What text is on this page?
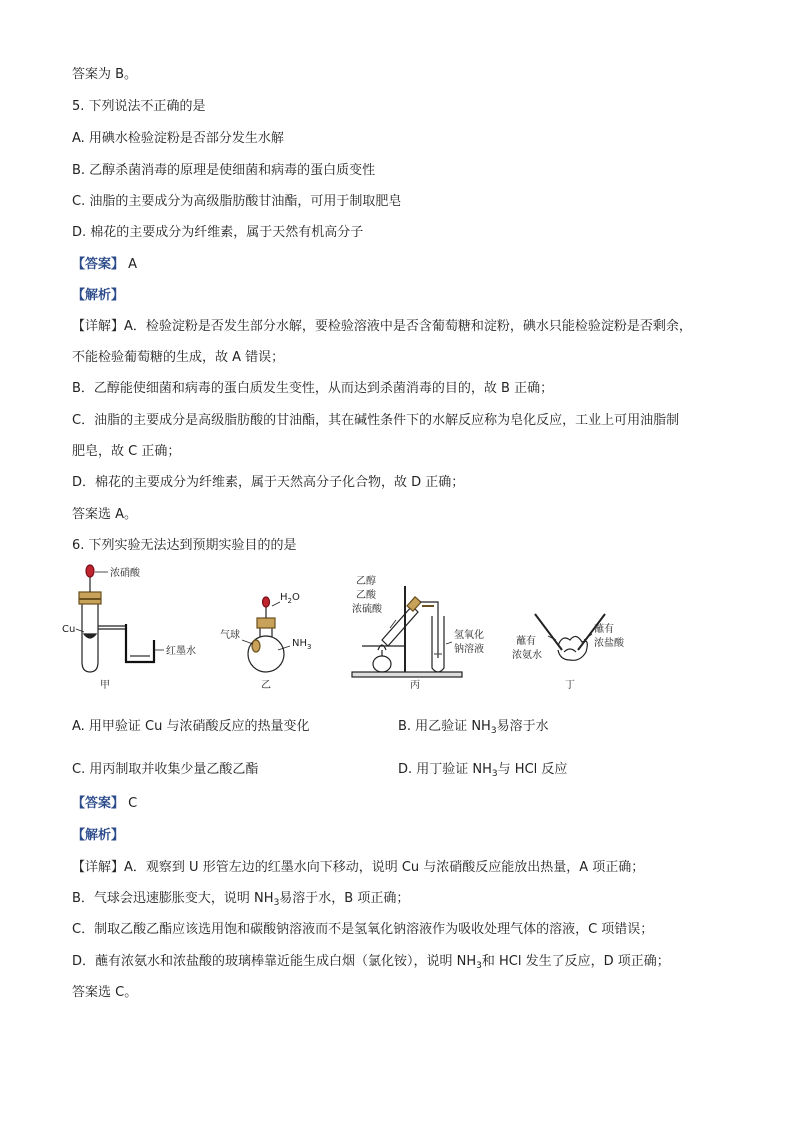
答案为 B。
5. 下列说法不正确的是
A. 用碘水检验淀粉是否部分发生水解
B. 乙醇杀菌消毒的原理是使细菌和病毒的蛋白质变性
C. 油脂的主要成分为高级脂肪酸甘油酯，可用于制取肥皂
D. 棉花的主要成分为纤维素，属于天然有机高分子
【答案】 A
【解析】
【详解】A．检验淀粉是否发生部分水解，要检验溶液中是否含葡萄糖和淀粉，碘水只能检验淀粉是否剩余，
不能检验葡萄糖的生成，故 A 错误；
B．乙醇能使细菌和病毒的蛋白质发生变性，从而达到杀菌消毒的目的，故 B 正确；
C．油脂的主要成分是高级脂肪酸的甘油酯，其在碱性条件下的水解反应称为皂化反应，工业上可用油脂制
肥皂，故 C 正确；
D．棉花的主要成分为纤维素，属于天然高分子化合物，故 D 正确；
答案选 A。
6. 下列实验无法达到预期实验目的的是
浓硝酸
Cu
红墨水
甲
$H_2O$
气球
$NH_3$
乙
乙醇
乙酸
浓硫酸
氢氧化
钠溶液
丙
蘸有
浓氨水
蘸有
浓盐酸
丁
A. 用甲验证 Cu 与浓硝酸反应的热量变化	B. 用乙验证 $NH_3$易溶于水
C. 用丙制取并收集少量乙酸乙酯	D. 用丁验证 $NH_3$与 HCl 反应
【答案】 C
【解析】
【详解】A．观察到 U 形管左边的红墨水向下移动，说明 Cu 与浓硝酸反应能放出热量，A 项正确；
B．气球会迅速膨胀变大，说明 $NH_3$易溶于水，B 项正确；
C．制取乙酸乙酯应该选用饱和碳酸钠溶液而不是氢氧化钠溶液作为吸收处理气体的溶液，C 项错误；
D．蘸有浓氨水和浓盐酸的玻璃棒靠近能生成白烟（氯化铵），说明 $NH_3$和 HCl 发生了反应，D 项正确；
答案选 C。
